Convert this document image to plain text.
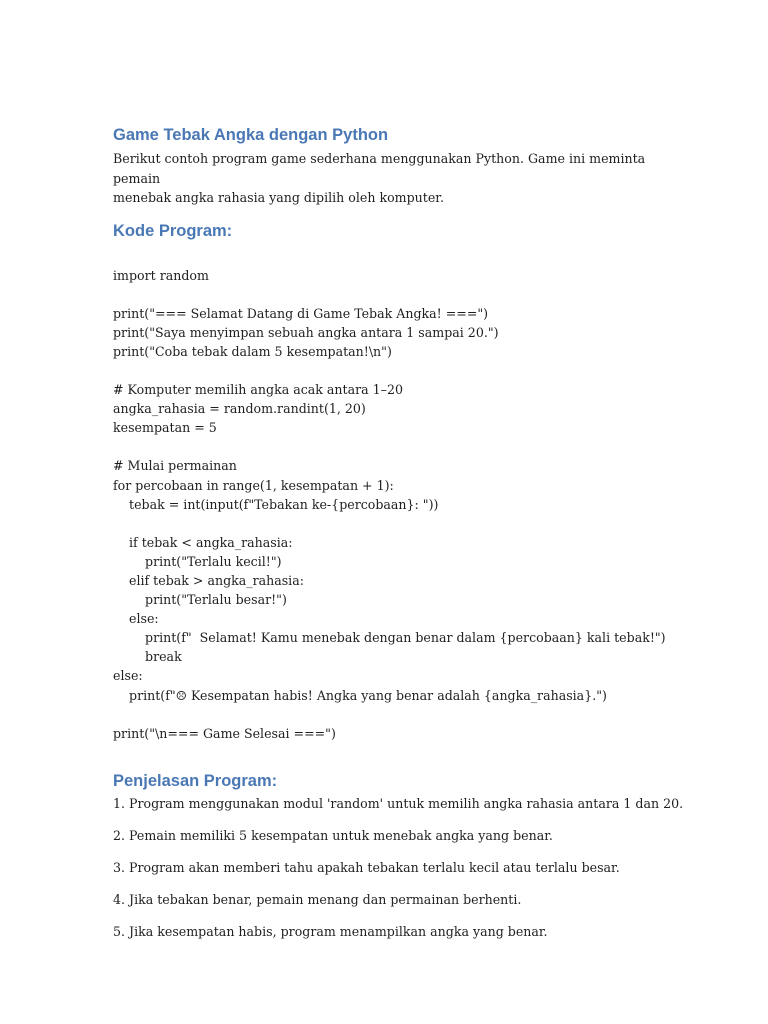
Game Tebak Angka dengan Python

Berikut contoh program game sederhana menggunakan Python. Game ini meminta pemain

menebak angka rahasia yang dipilih oleh komputer.

Kode Program:
import random
print("=== Selamat Datang di Game Tebak Angka! ===")
print("Saya menyimpan sebuah angka antara 1 sampai 20.")
print("Coba tebak dalam 5 kesempatan!\n")
# Komputer memilih angka acak antara 1–20
angka_rahasia = random.randint(1, 20)
kesempatan = 5
# Mulai permainan
for percobaan in range(1, kesempatan + 1):
tebak = int(input(f"Tebakan ke-{percobaan}: "))
if tebak < angka_rahasia:
print("Terlalu kecil!")
elif tebak > angka_rahasia:
print("Terlalu besar!")
else:
print(f"  Selamat! Kamu menebak dengan benar dalam {percobaan} kali tebak!")
break
else:
print(f"☹ Kesempatan habis! Angka yang benar adalah {angka_rahasia}.")
print("\n=== Game Selesai ===")
Penjelasan Program:
1. Program menggunakan modul 'random' untuk memilih angka rahasia antara 1 dan 20.
2. Pemain memiliki 5 kesempatan untuk menebak angka yang benar.
3. Program akan memberi tahu apakah tebakan terlalu kecil atau terlalu besar.
4. Jika tebakan benar, pemain menang dan permainan berhenti.
5. Jika kesempatan habis, program menampilkan angka yang benar.
